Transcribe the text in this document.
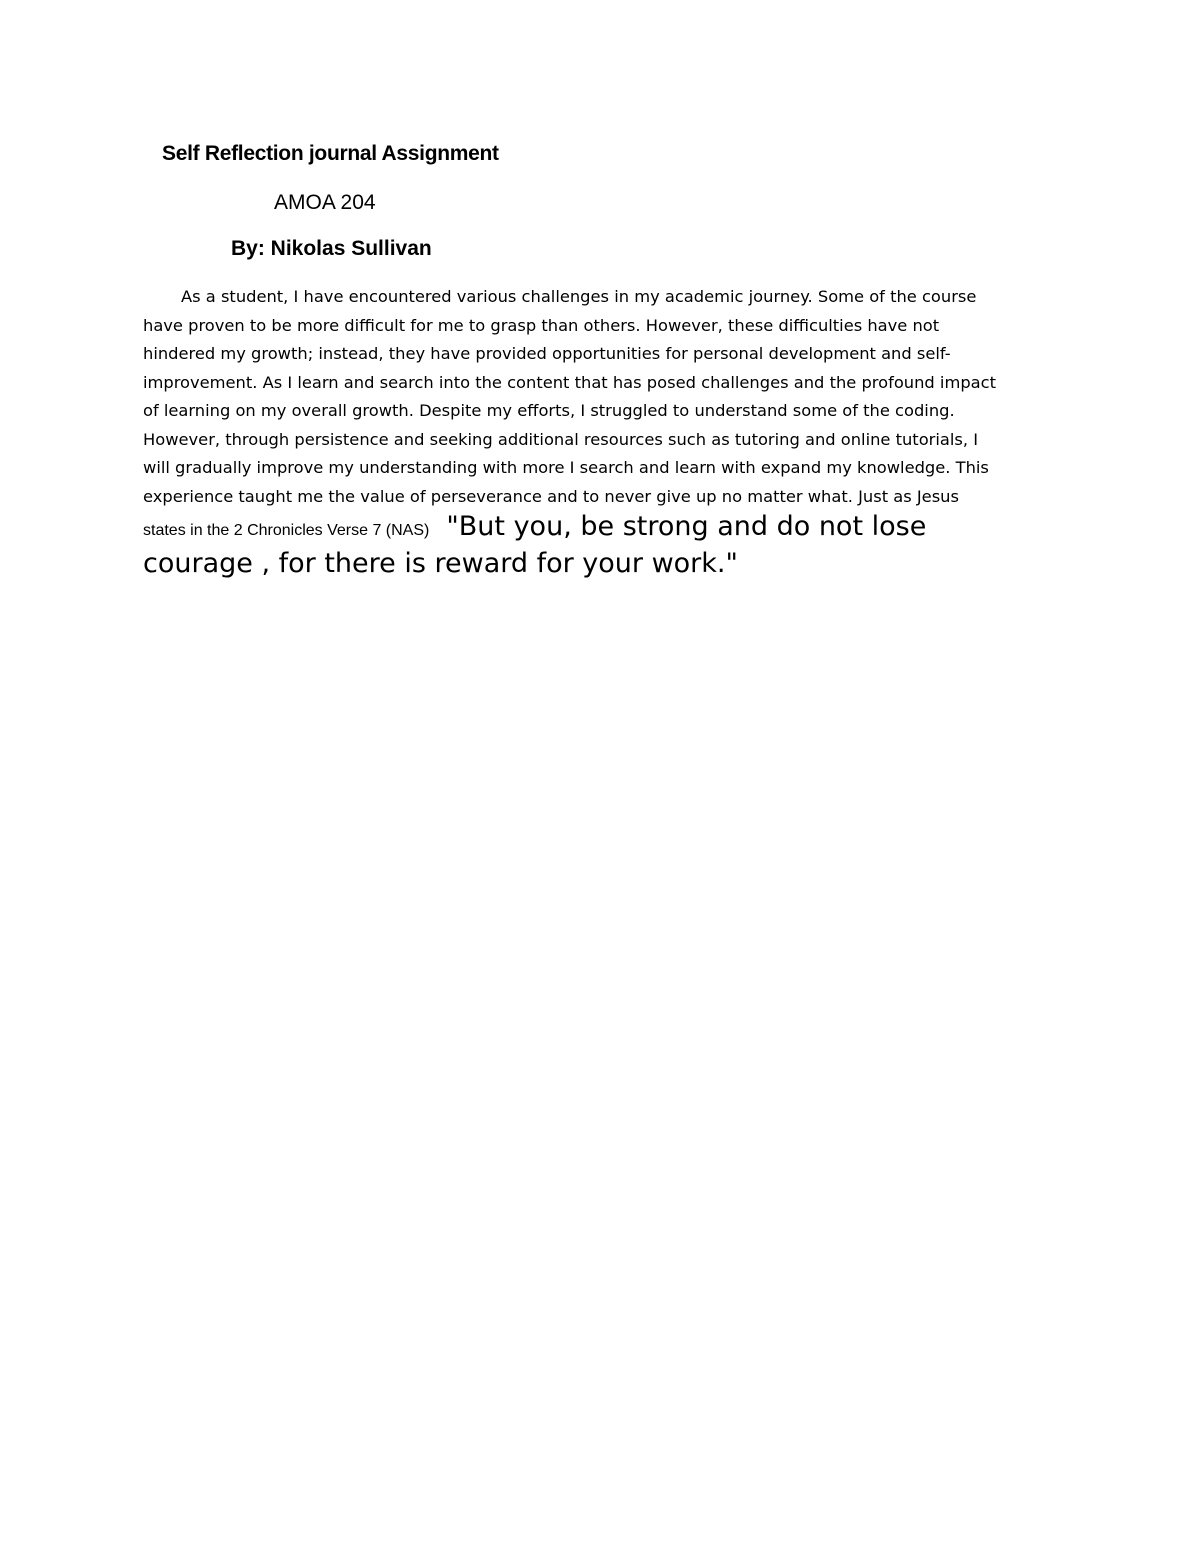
Self Reflection journal Assignment

AMOA 204

By: Nikolas Sullivan

As a student, I have encountered various challenges in my academic journey. Some of the course
have proven to be more difficult for me to grasp than others. However, these difficulties have not
hindered my growth; instead, they have provided opportunities for personal development and self-
improvement. As I learn and search into the content that has posed challenges and the profound impact
of learning on my overall growth. Despite my efforts, I struggled to understand some of the coding.
However, through persistence and seeking additional resources such as tutoring and online tutorials, I
will gradually improve my understanding with more I search and learn with expand my knowledge. This
experience taught me the value of perseverance and to never give up no matter what. Just as Jesus
states in the 2 Chronicles Verse 7 (NAS) "But you, be strong and do not lose
courage , for there is reward for your work."
